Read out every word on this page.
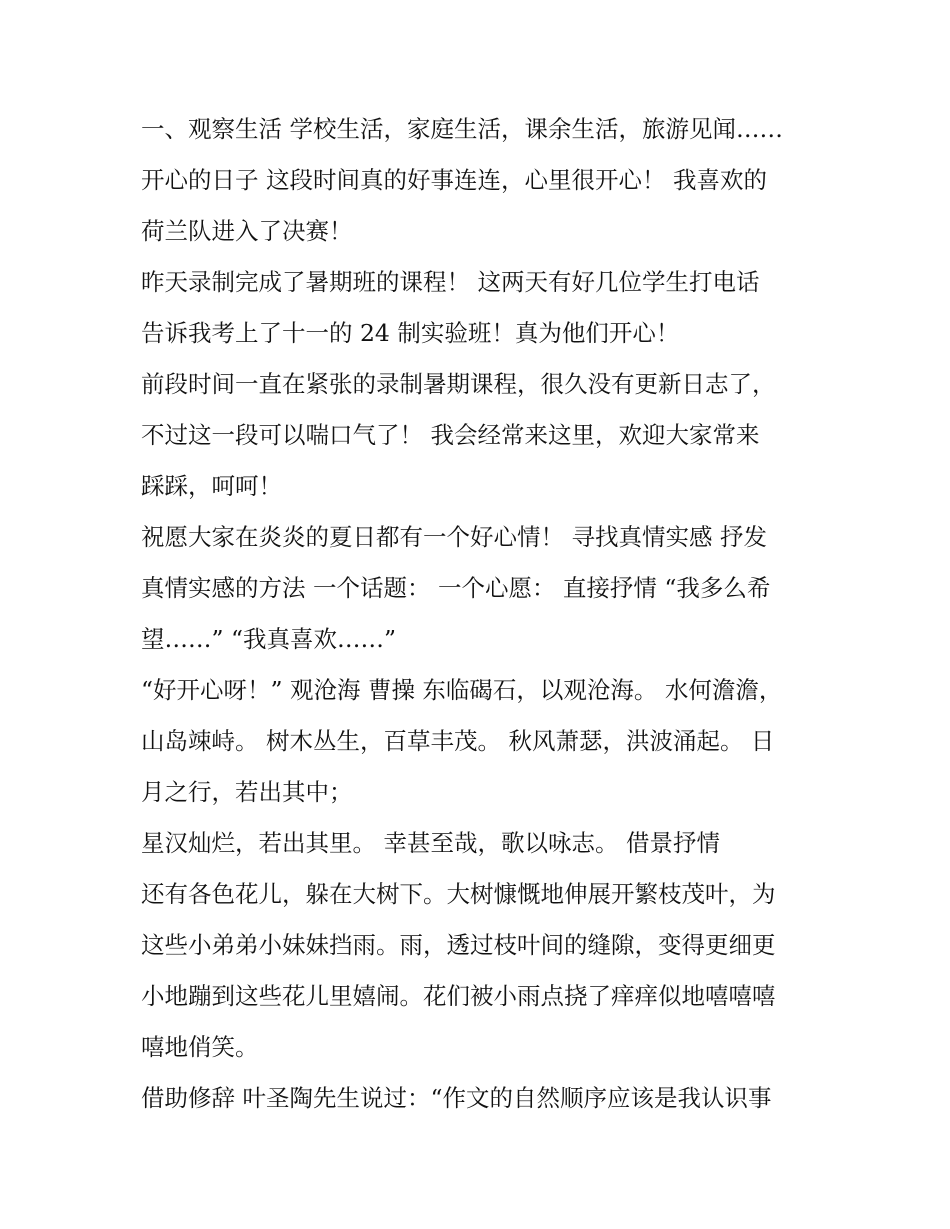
一、观察生活 学校生活，家庭生活，课余生活，旅游见闻……
开心的日子 这段时间真的好事连连，心里很开心！ 我喜欢的
荷兰队进入了决赛！
昨天录制完成了暑期班的课程！ 这两天有好几位学生打电话
告诉我考上了十一的 24 制实验班！真为他们开心！
前段时间一直在紧张的录制暑期课程，很久没有更新日志了，
不过这一段可以喘口气了！ 我会经常来这里，欢迎大家常来
踩踩，呵呵！
祝愿大家在炎炎的夏日都有一个好心情！ 寻找真情实感 抒发
真情实感的方法 一个话题： 一个心愿： 直接抒情 “我多么希
望……” “我真喜欢……”
“好开心呀！” 观沧海 曹操 东临碣石，以观沧海。 水何澹澹，
山岛竦峙。 树木丛生，百草丰茂。 秋风萧瑟，洪波涌起。 日
月之行，若出其中；
星汉灿烂，若出其里。 幸甚至哉，歌以咏志。 借景抒情
还有各色花儿，躲在大树下。大树慷慨地伸展开繁枝茂叶，为
这些小弟弟小妹妹挡雨。雨，透过枝叶间的缝隙，变得更细更
小地蹦到这些花儿里嬉闹。花们被小雨点挠了痒痒似地嘻嘻嘻
嘻地俏笑。
借助修辞 叶圣陶先生说过：“作文的自然顺序应该是我认识事
